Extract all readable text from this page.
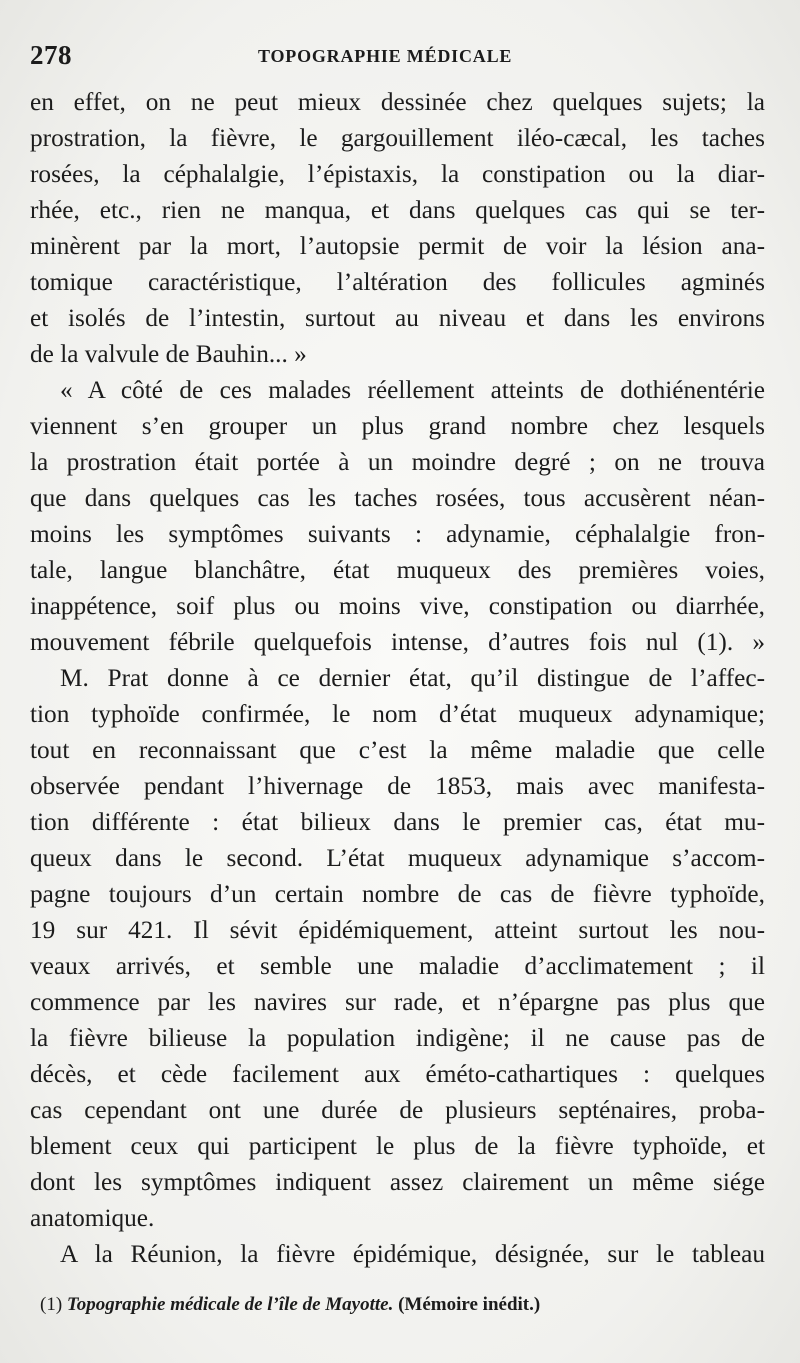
278	TOPOGRAPHIE MÉDICALE
en effet, on ne peut mieux dessinée chez quelques sujets; la
prostration, la fièvre, le gargouillement iléo-cæcal, les taches
rosées, la céphalalgie, l’épistaxis, la constipation ou la diar-
rhée, etc., rien ne manqua, et dans quelques cas qui se ter-
minèrent par la mort, l’autopsie permit de voir la lésion ana-
tomique caractéristique, l’altération des follicules agminés
et isolés de l’intestin, surtout au niveau et dans les environs
de la valvule de Bauhin... »
« A côté de ces malades réellement atteints de dothiénentérie
viennent s’en grouper un plus grand nombre chez lesquels
la prostration était portée à un moindre degré ; on ne trouva
que dans quelques cas les taches rosées, tous accusèrent néan-
moins les symptômes suivants : adynamie, céphalalgie fron-
tale, langue blanchâtre, état muqueux des premières voies,
inappétence, soif plus ou moins vive, constipation ou diarrhée,
mouvement fébrile quelquefois intense, d’autres fois nul (1). »
M. Prat donne à ce dernier état, qu’il distingue de l’affec-
tion typhoïde confirmée, le nom d’état muqueux adynamique;
tout en reconnaissant que c’est la même maladie que celle
observée pendant l’hivernage de 1853, mais avec manifesta-
tion différente : état bilieux dans le premier cas, état mu-
queux dans le second. L’état muqueux adynamique s’accom-
pagne toujours d’un certain nombre de cas de fièvre typhoïde,
19 sur 421. Il sévit épidémiquement, atteint surtout les nou-
veaux arrivés, et semble une maladie d’acclimatement ; il
commence par les navires sur rade, et n’épargne pas plus que
la fièvre bilieuse la population indigène; il ne cause pas de
décès, et cède facilement aux éméto-cathartiques : quelques
cas cependant ont une durée de plusieurs septénaires, proba-
blement ceux qui participent le plus de la fièvre typhoïde, et
dont les symptômes indiquent assez clairement un même siége
anatomique.
A la Réunion, la fièvre épidémique, désignée, sur le tableau
(1) Topographie médicale de l’île de Mayotte. (Mémoire inédit.)
